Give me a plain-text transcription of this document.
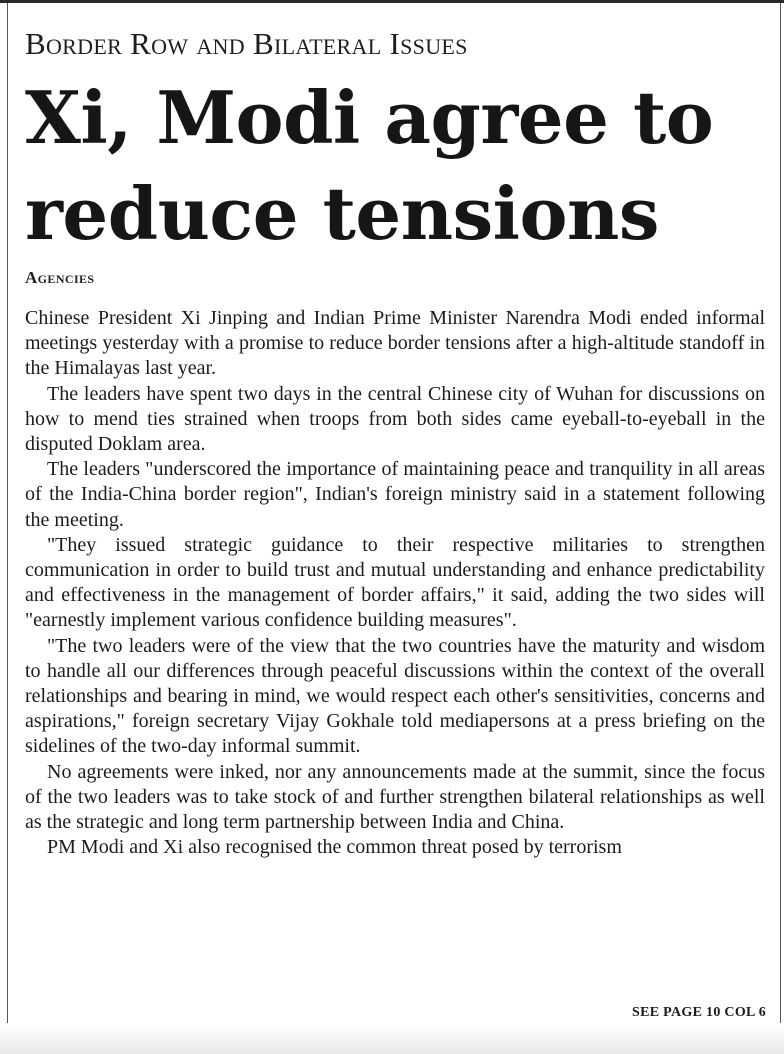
Border Row and Bilateral Issues
Xi, Modi agree to reduce tensions
Agencies

Chinese President Xi Jinping and Indian Prime Minister Narendra Modi ended informal meetings yesterday with a promise to reduce border tensions after a high-altitude standoff in the Himalayas last year.

The leaders have spent two days in the central Chinese city of Wuhan for discussions on how to mend ties strained when troops from both sides came eyeball-to-eyeball in the disputed Doklam area.

The leaders "underscored the importance of maintaining peace and tranquility in all areas of the India-China border region", Indian's foreign ministry said in a statement following the meeting.

"They issued strategic guidance to their respective militaries to strengthen communication in order to build trust and mutual understanding and enhance predictability and effectiveness in the management of border affairs," it said, adding the two sides will "earnestly implement various confidence building measures".

"The two leaders were of the view that the two countries have the maturity and wisdom to handle all our differences through peaceful discussions within the context of the overall relationships and bearing in mind, we would respect each other's sensitivities, concerns and aspirations," foreign secretary Vijay Gokhale told mediapersons at a press briefing on the sidelines of the two-day informal summit.

No agreements were inked, nor any announcements made at the summit, since the focus of the two leaders was to take stock of and further strengthen bilateral relationships as well as the strategic and long term partnership between India and China.

PM Modi and Xi also recognised the common threat posed by terrorism

SEE PAGE 10 COL 6
